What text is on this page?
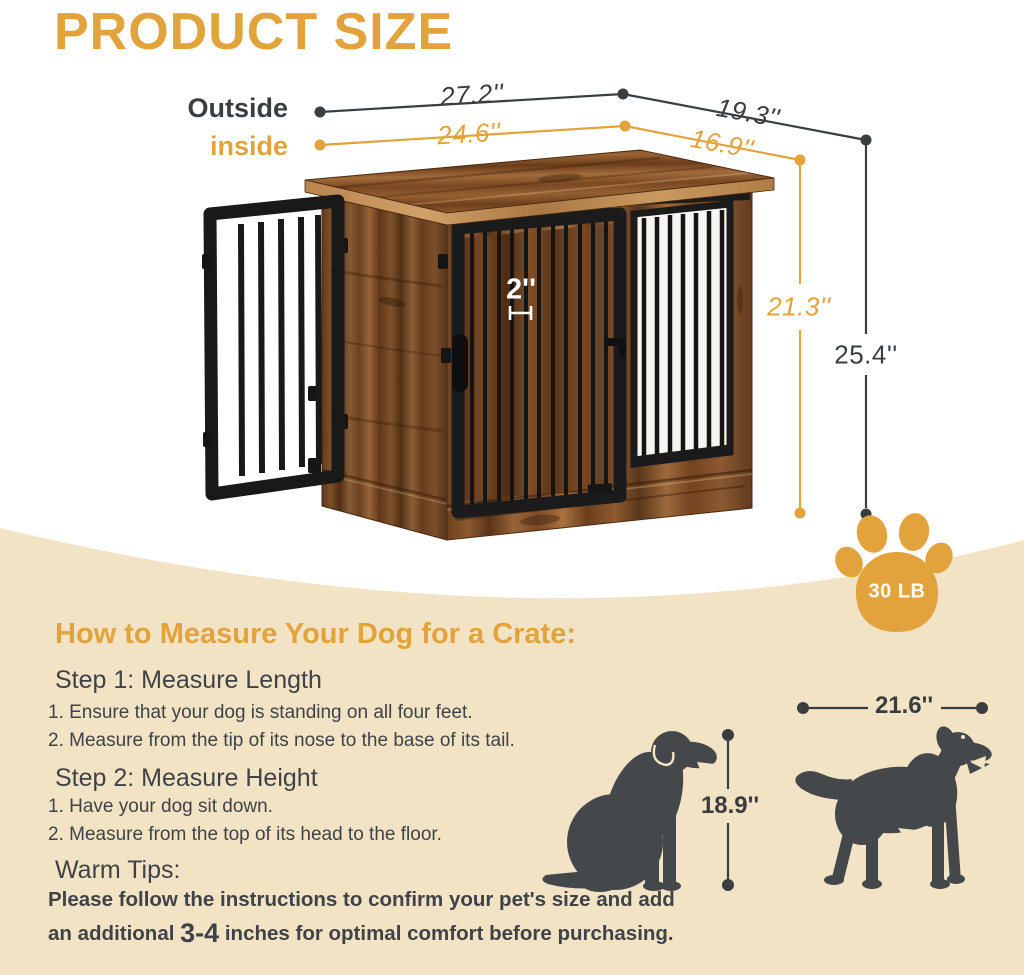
PRODUCT SIZE
Outside
inside
27.2''	19.3''
24.6''	16.9''
21.3''
25.4''
2''
30 LB
How to Measure Your Dog for a Crate:
Step 1: Measure Length
1. Ensure that your dog is standing on all four feet.
2. Measure from the tip of its nose to the base of its tail.
Step 2: Measure Height
1. Have your dog sit down.
2. Measure from the top of its head to the floor.
Warm Tips:
Please follow the instructions to confirm your pet's size and add
an additional 3-4 inches for optimal comfort before purchasing.
18.9''
21.6''
